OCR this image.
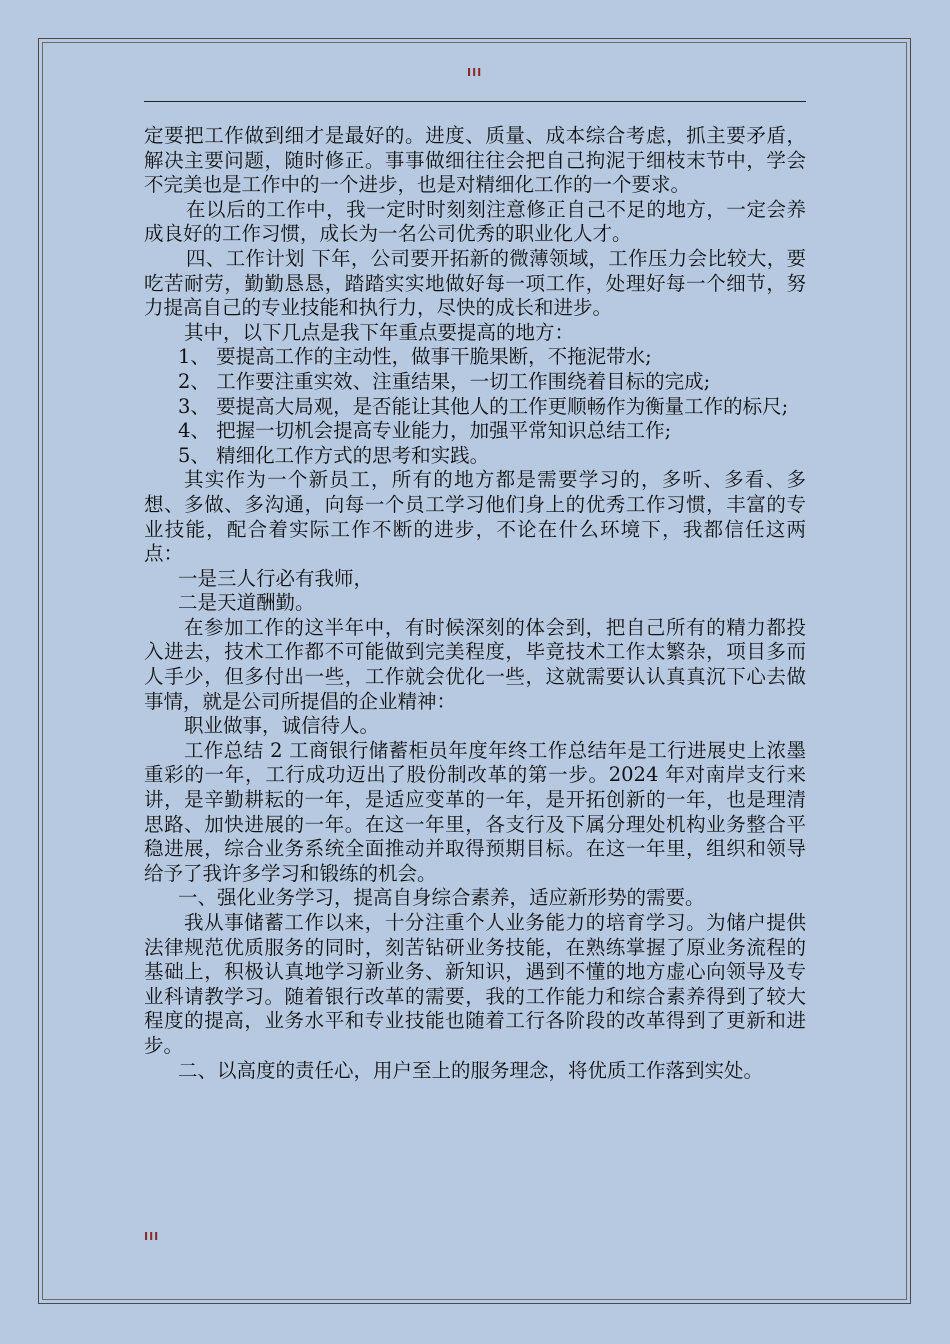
III

定要把工作做到细才是最好的。进度、质量、成本综合考虑，抓主要矛盾，解决主要问题，随时修正。事事做细往往会把自己拘泥于细枝末节中，学会不完美也是工作中的一个进步，也是对精细化工作的一个要求。

在以后的工作中，我一定时时刻刻注意修正自己不足的地方，一定会养成良好的工作习惯，成长为一名公司优秀的职业化人才。

四、工作计划 下年，公司要开拓新的微薄领域，工作压力会比较大，要吃苦耐劳，勤勤恳恳，踏踏实实地做好每一项工作，处理好每一个细节，努力提高自己的专业技能和执行力，尽快的成长和进步。

其中，以下几点是我下年重点要提高的地方：

1、 要提高工作的主动性，做事干脆果断，不拖泥带水;

2、 工作要注重实效、注重结果，一切工作围绕着目标的完成;

3、 要提高大局观，是否能让其他人的工作更顺畅作为衡量工作的标尺;

4、 把握一切机会提高专业能力，加强平常知识总结工作;

5、 精细化工作方式的思考和实践。

其实作为一个新员工，所有的地方都是需要学习的，多听、多看、多想、多做、多沟通，向每一个员工学习他们身上的优秀工作习惯，丰富的专业技能，配合着实际工作不断的进步，不论在什么环境下，我都信任这两点：

一是三人行必有我师，

二是天道酬勤。

在参加工作的这半年中，有时候深刻的体会到，把自己所有的精力都投入进去，技术工作都不可能做到完美程度，毕竟技术工作太繁杂，项目多而人手少，但多付出一些，工作就会优化一些，这就需要认认真真沉下心去做事情，就是公司所提倡的企业精神：

职业做事，诚信待人。

工作总结 2 工商银行储蓄柜员年度年终工作总结年是工行进展史上浓墨重彩的一年，工行成功迈出了股份制改革的第一步。2024 年对南岸支行来讲，是辛勤耕耘的一年，是适应变革的一年，是开拓创新的一年，也是理清思路、加快进展的一年。在这一年里，各支行及下属分理处机构业务整合平稳进展，综合业务系统全面推动并取得预期目标。在这一年里，组织和领导给予了我许多学习和锻练的机会。

一、强化业务学习，提高自身综合素养，适应新形势的需要。

我从事储蓄工作以来，十分注重个人业务能力的培育学习。为储户提供法律规范优质服务的同时，刻苦钻研业务技能，在熟练掌握了原业务流程的基础上，积极认真地学习新业务、新知识，遇到不懂的地方虚心向领导及专业科请教学习。随着银行改革的需要，我的工作能力和综合素养得到了较大程度的提高，业务水平和专业技能也随着工行各阶段的改革得到了更新和进步。

二、以高度的责任心，用户至上的服务理念，将优质工作落到实处。

III
